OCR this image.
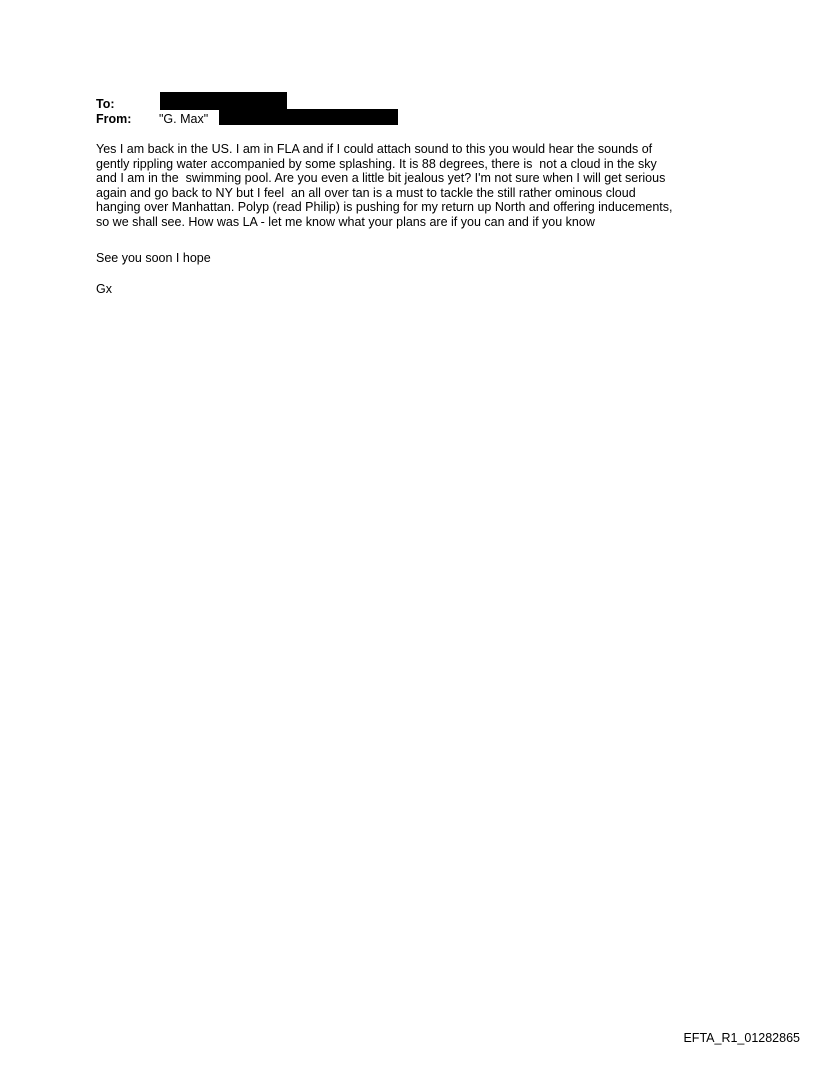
To:
From: "G. Max"
Yes I am back in the US. I am in FLA and if I could attach sound to this you would hear the sounds of
gently rippling water accompanied by some splashing. It is 88 degrees, there is  not a cloud in the sky
and I am in the  swimming pool. Are you even a little bit jealous yet? I'm not sure when I will get serious
again and go back to NY but I feel  an all over tan is a must to tackle the still rather ominous cloud
hanging over Manhattan. Polyp (read Philip) is pushing for my return up North and offering inducements,
so we shall see. How was LA - let me know what your plans are if you can and if you know
See you soon I hope
Gx
EFTA_R1_01282865
